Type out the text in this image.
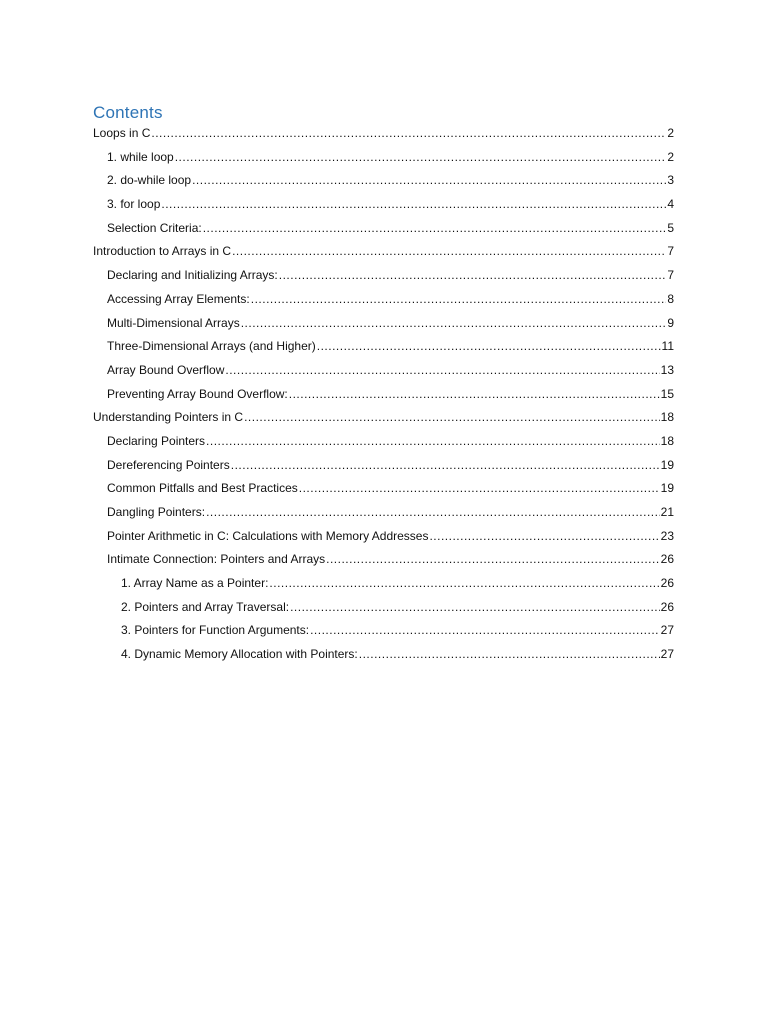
Contents
Loops in C .....	2
1. while loop .....	2
2. do-while loop .....	3
3. for loop .....	4
Selection Criteria: .....	5
Introduction to Arrays in C .....	7
Declaring and Initializing Arrays: .....	7
Accessing Array Elements: .....	8
Multi-Dimensional Arrays .....	9
Three-Dimensional Arrays (and Higher) .....	11
Array Bound Overflow .....	13
Preventing Array Bound Overflow: .....	15
Understanding Pointers in C .....	18
Declaring Pointers .....	18
Dereferencing Pointers .....	19
Common Pitfalls and Best Practices .....	19
Dangling Pointers: .....	21
Pointer Arithmetic in C: Calculations with Memory Addresses .....	23
Intimate Connection: Pointers and Arrays .....	26
1. Array Name as a Pointer: .....	26
2. Pointers and Array Traversal: .....	26
3. Pointers for Function Arguments: .....	27
4. Dynamic Memory Allocation with Pointers: .....	27
